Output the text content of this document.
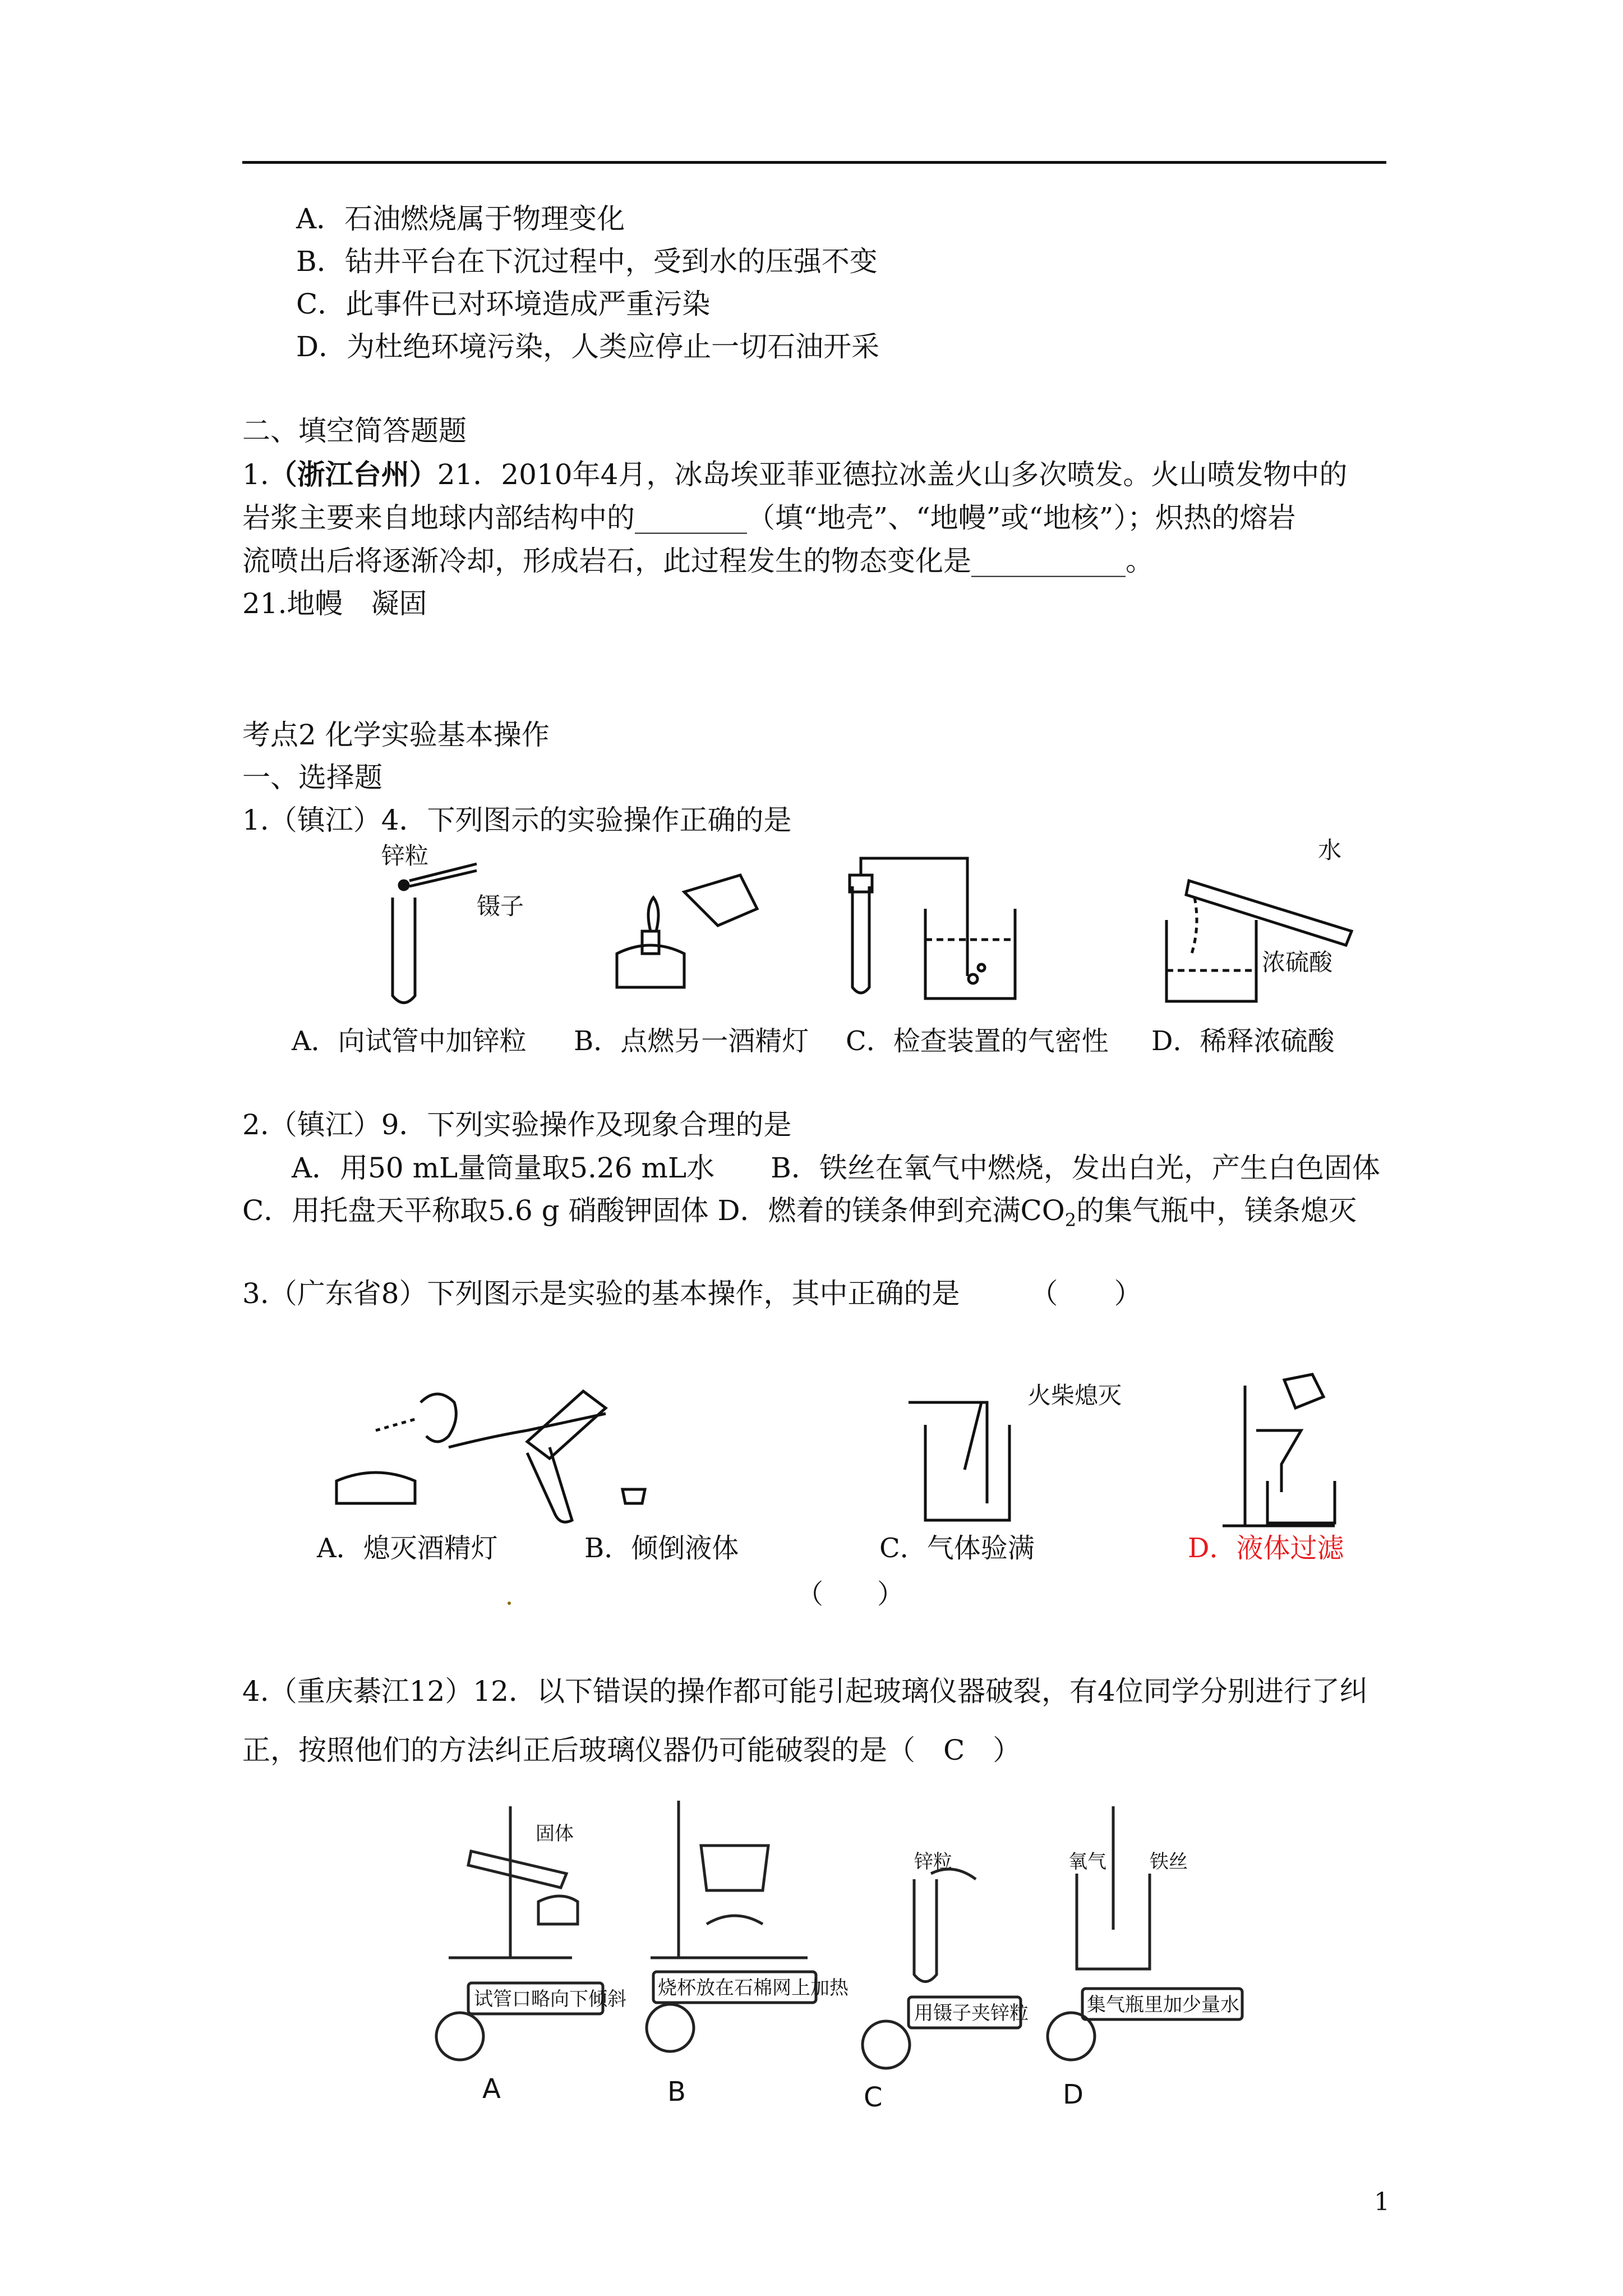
A．石油燃烧属于物理变化
B．钻井平台在下沉过程中，受到水的压强不变
C．此事件已对环境造成严重污染
D．为杜绝环境污染，人类应停止一切石油开采
二、填空简答题题
1.（浙江台州）21．2010年4月，冰岛埃亚菲亚德拉冰盖火山多次喷发。火山喷发物中的
岩浆主要来自地球内部结构中的________（填“地壳”、“地幔”或“地核”）；炽热的熔岩
流喷出后将逐渐冷却，形成岩石，此过程发生的物态变化是___________。
21.地幔　凝固
考点2 化学实验基本操作
一、选择题
1.（镇江）4．下列图示的实验操作正确的是
锌粒
镊子
水
浓硫酸
A．向试管中加锌粒 B．点燃另一酒精灯 C．检查装置的气密性 D．稀释浓硫酸
2.（镇江）9．下列实验操作及现象合理的是
A．用50 mL量筒量取5.26 mL水　　B．铁丝在氧气中燃烧，发出白光，产生白色固体
C．用托盘天平称取5.6 g 硝酸钾固体 D．燃着的镁条伸到充满$CO_2$的集气瓶中，镁条熄灭
3.（广东省8）下列图示是实验的基本操作，其中正确的是　　　（　　）
火柴熄灭
A．熄灭酒精灯	B．倾倒液体	C．气体验满	D．液体过滤
（　　）
4.（重庆綦江12）12．以下错误的操作都可能引起玻璃仪器破裂，有4位同学分别进行了纠
正，按照他们的方法纠正后玻璃仪器仍可能破裂的是（　C　）
固体
锌粒	氧气 铁丝
试管口略向下倾斜 烧杯放在石棉网上加热
用镊子夹锌粒	集气瓶里加少量水
A	B	C	D
1
